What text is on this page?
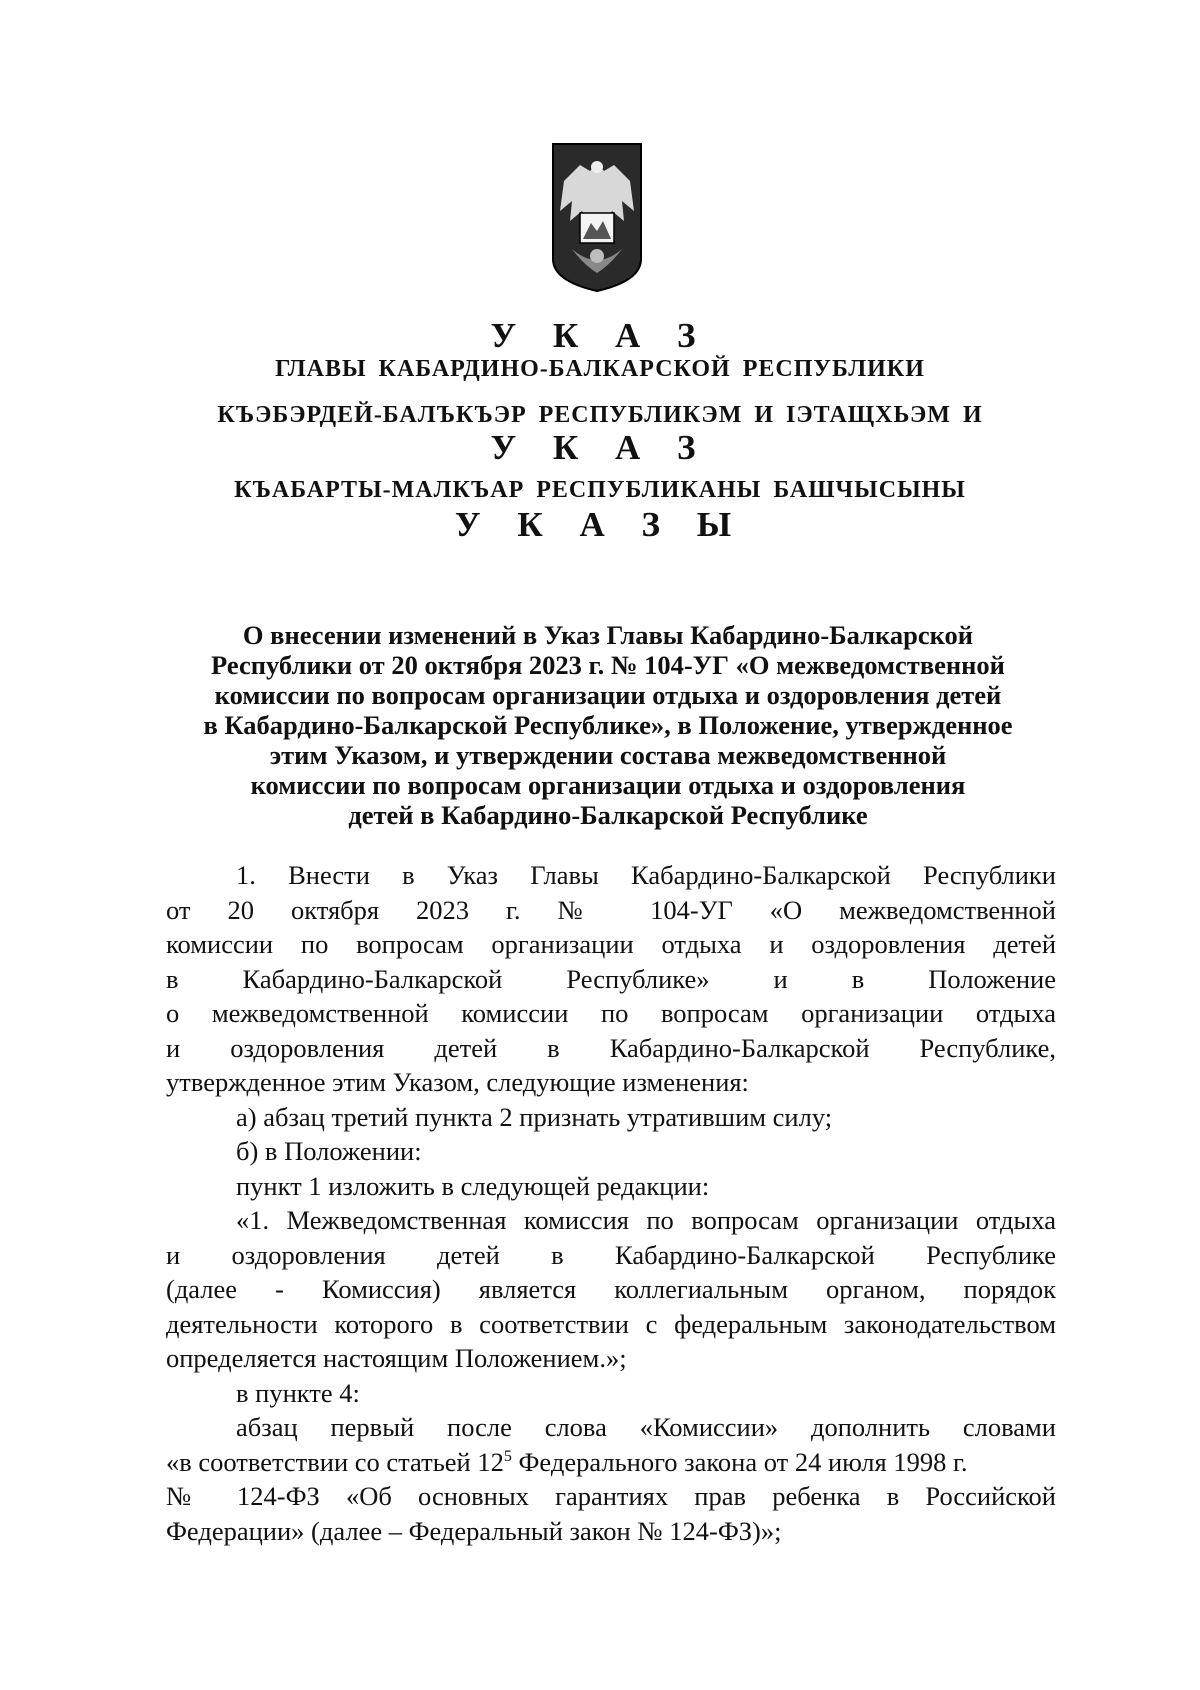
У К А З
ГЛАВЫ КАБАРДИНО-БАЛКАРСКОЙ РЕСПУБЛИКИ
КЪЭБЭРДЕЙ-БАЛЪКЪЭР РЕСПУБЛИКЭМ И IЭТАЩХЬЭМ И
У К А З
КЪАБАРТЫ-МАЛКЪАР РЕСПУБЛИКАНЫ БАШЧЫСЫНЫ
У К А З Ы
О внесении изменений в Указ Главы Кабардино-Балкарской
Республики от 20 октября 2023 г. № 104-УГ «О межведомственной
комиссии по вопросам организации отдыха и оздоровления детей
в Кабардино-Балкарской Республике», в Положение, утвержденное
этим Указом, и утверждении состава межведомственной
комиссии по вопросам организации отдыха и оздоровления
детей в Кабардино-Балкарской Республике
1. Внести в Указ Главы Кабардино-Балкарской Республики
от 20 октября 2023 г. № 104-УГ «О межведомственной
комиссии по вопросам организации отдыха и оздоровления детей
в Кабардино-Балкарской Республике» и в Положение
о межведомственной комиссии по вопросам организации отдыха
и оздоровления детей в Кабардино-Балкарской Республике,
утвержденное этим Указом, следующие изменения:
а) абзац третий пункта 2 признать утратившим силу;
б) в Положении:
пункт 1 изложить в следующей редакции:
«1. Межведомственная комиссия по вопросам организации отдыха
и оздоровления детей в Кабардино-Балкарской Республике
(далее - Комиссия) является коллегиальным органом, порядок
деятельности которого в соответствии с федеральным законодательством
определяется настоящим Положением.»;
в пункте 4:
абзац первый после слова «Комиссии» дополнить словами
«в соответствии со статьей $12^5$ Федерального закона от 24 июля 1998 г.
№ 124-ФЗ «Об основных гарантиях прав ребенка в Российской
Федерации» (далее – Федеральный закон № 124-ФЗ)»;
